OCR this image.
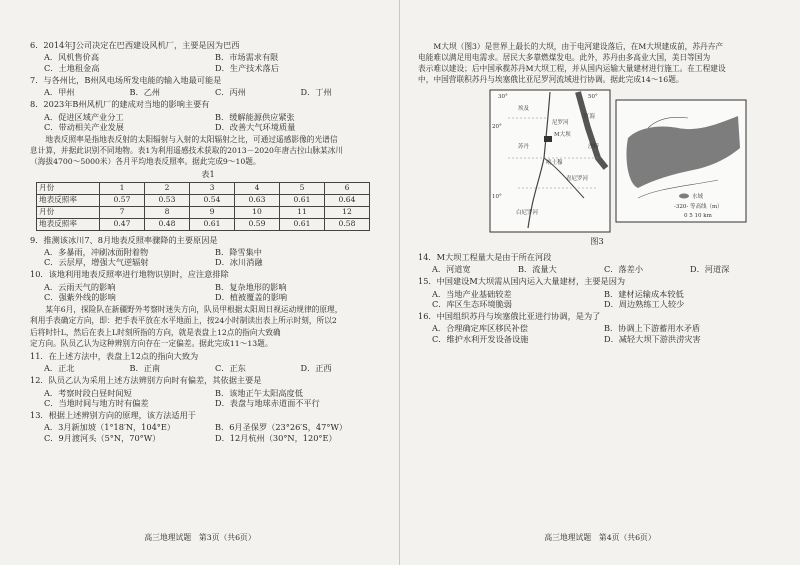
6．2014年J公司决定在巴西建设风机厂，主要是因为巴西
A．风机售价高	B．市场需求有限
C．土地租金高	D．生产技术落后
7．与各州比，B州风电场所发电能的输入地最可能是
A．甲州	B．乙州	C．丙州	D．丁州
8．2023年B州风机厂的建成对当地的影响主要有
A．促进区域产业分工	B．缓解能源供应紧张
C．带动相关产业发展	D．改善大气环境质量
地表反照率是指地表反射的太阳辐射与入射的太阳辐射之比，可通过遥感影像的光谱信
息计算，并据此识别不同地物。表1为利用遥感技术获取的2013－2020年唐古拉山脉某冰川
（海拔4700～5000米）各月平均地表反照率。据此完成9～10题。
表1
月份	1	2	3	4	5	6
地表反照率	0.57	0.53	0.54	0.63	0.61	0.64
月份	7	8	9	10	11	12
地表反照率	0.47	0.48	0.61	0.59	0.61	0.58
9．推测该冰川7、8月地表反照率骤降的主要原因是
A．多暴雨，冲刷冰面附着物	B．降雪集中
C．云层厚，增强大气逆辐射	D．冰川消融
10．该地利用地表反照率进行地物识别时，应注意排除
A．云雨天气的影响	B．复杂地形的影响
C．强紫外线的影响	D．植被覆盖的影响
某年6月，探险队在新疆野外考察时迷失方向，队员甲根据太阳周日视运动规律的原理，
利用手表确定方向，即：把手表平放在水平地面上，按24小时制读出表上所示时刻，所以2
后将时针L，然后在表上L时刻所指的方向，就是表盘上12点的指向大致确
定方向。队员乙认为这种辨别方向存在一定偏差。据此完成11～13题。
11．在上述方法中，表盘上12点的指向大致为
A．正北	B．正南	C．正东	D．正西
12．队员乙认为采用上述方法辨别方向时有偏差，其依据主要是
A．考察时段白昼时间短	B．该地正午太阳高度低
C．当地时间与地方时有偏差	D．表盘与地球赤道面不平行
13．根据上述辨别方向的原理，该方法适用于
A．3月新加坡（1°18′N，104°E）	B．6月圣保罗（23°26′S，47°W）
C．9月渡河头（5°N，70°W）	D．12月杭州（30°N，120°E）
高三地理试题　第3页（共6页）
M大坝（图3）是世界上最长的大坝，由于电河建设落后，在M大坝建成前，苏丹卉产
电能难以满足用电需求。居民大多靠燃煤发电。此外，苏丹由多高业大国，美日等国为
表示难以建设；后中国承揽苏丹M大坝工程，并从国内运输大量建材进行施工。在工程建设
中，中国营联积苏丹与埃塞俄比亚尼罗河流域进行协调。据此完成14～16题。
30°	50°
20°
10°
埃及
苏丹
红海
M大坝
尼罗河
青尼罗河
白尼罗河
喀土穆
沙特
水域
-320- 等高线（m）
0 5 10 km
图3
14．M大坝工程量大是由于所在河段
A．河道宽	B．流量大	C．落差小	D．河道深
15．中国建设M大坝需从国内运入大量建材，主要是因为
A．当地产业基础较差	B．建材运输成本较低
C．库区生态环境脆弱	D．周边熟练工人较少
16．中国组织苏丹与埃塞俄比亚进行协调，是为了
A．合理确定库区移民补偿	B．协调上下游蓄用水矛盾
C．维护水利开发设备设施	D．减轻大坝下游洪涝灾害
高三地理试题　第4页（共6页）
